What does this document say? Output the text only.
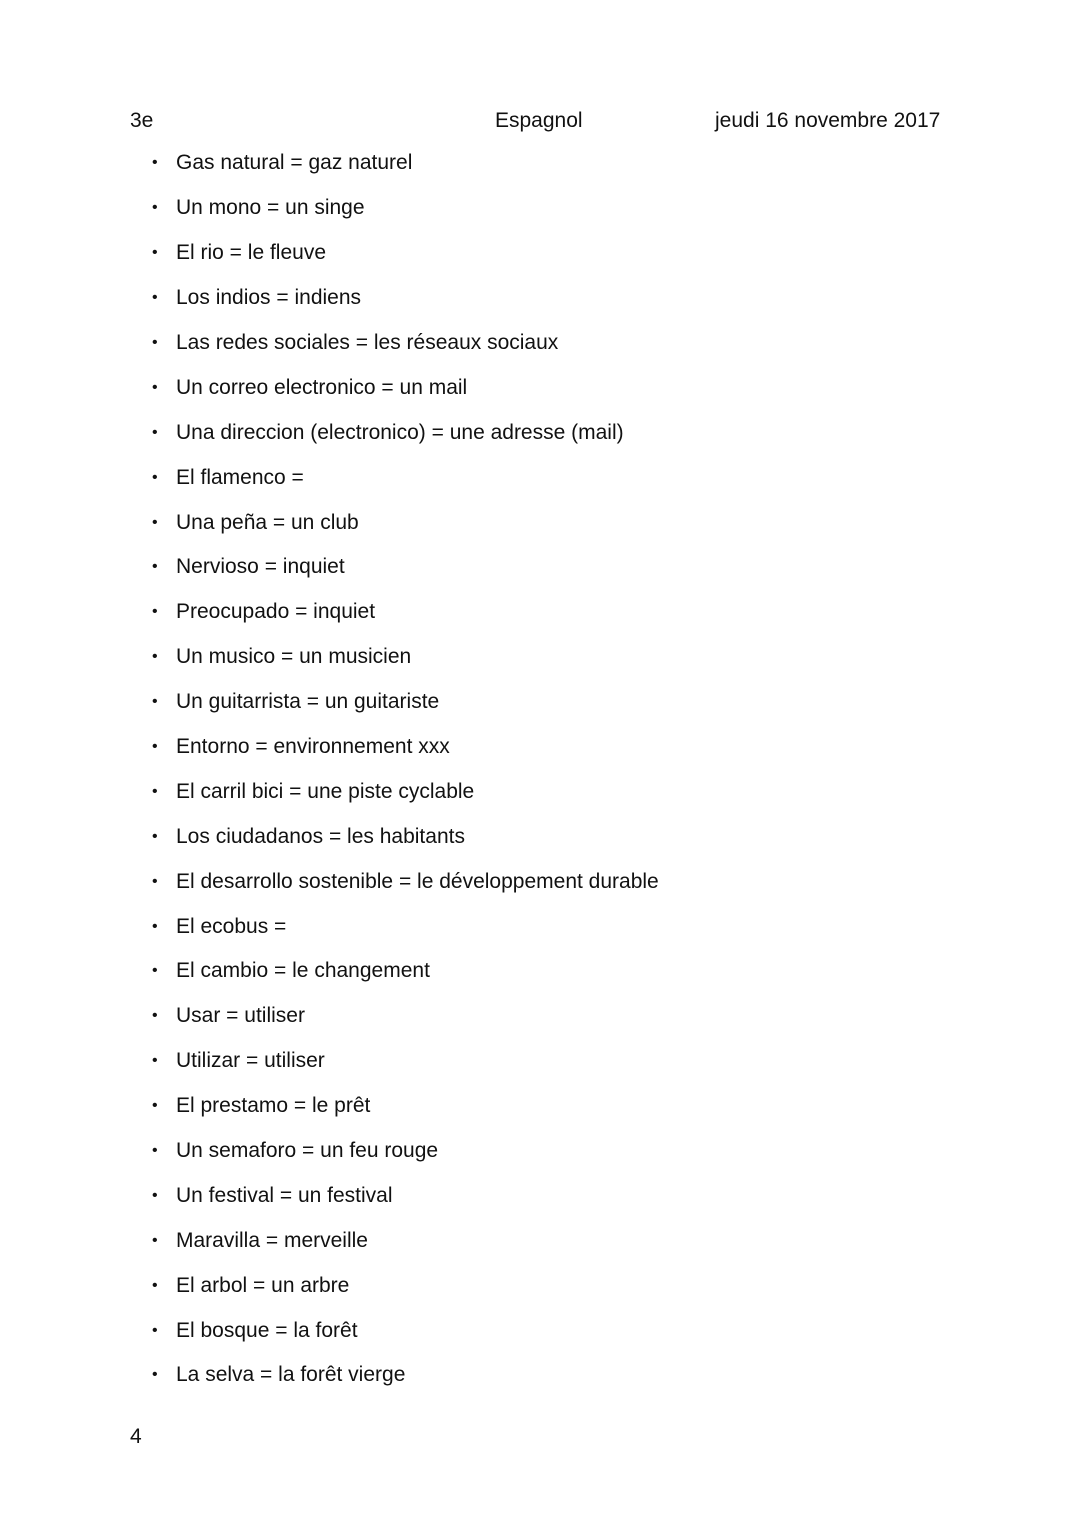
3e	Espagnol	jeudi 16 novembre 2017
• Gas natural = gaz naturel
• Un mono = un singe
• El rio = le fleuve
• Los indios = indiens
• Las redes sociales = les réseaux sociaux
• Un correo electronico = un mail
• Una direccion (electronico) = une adresse (mail)
• El flamenco =
• Una peña = un club
• Nervioso = inquiet
• Preocupado = inquiet
• Un musico = un musicien
• Un guitarrista = un guitariste
• Entorno = environnement xxx
• El carril bici = une piste cyclable
• Los ciudadanos = les habitants
• El desarrollo sostenible = le développement durable
• El ecobus =
• El cambio = le changement
• Usar = utiliser
• Utilizar = utiliser
• El prestamo = le prêt
• Un semaforo = un feu rouge
• Un festival = un festival
• Maravilla = merveille
• El arbol = un arbre
• El bosque = la forêt
• La selva = la forêt vierge
4
